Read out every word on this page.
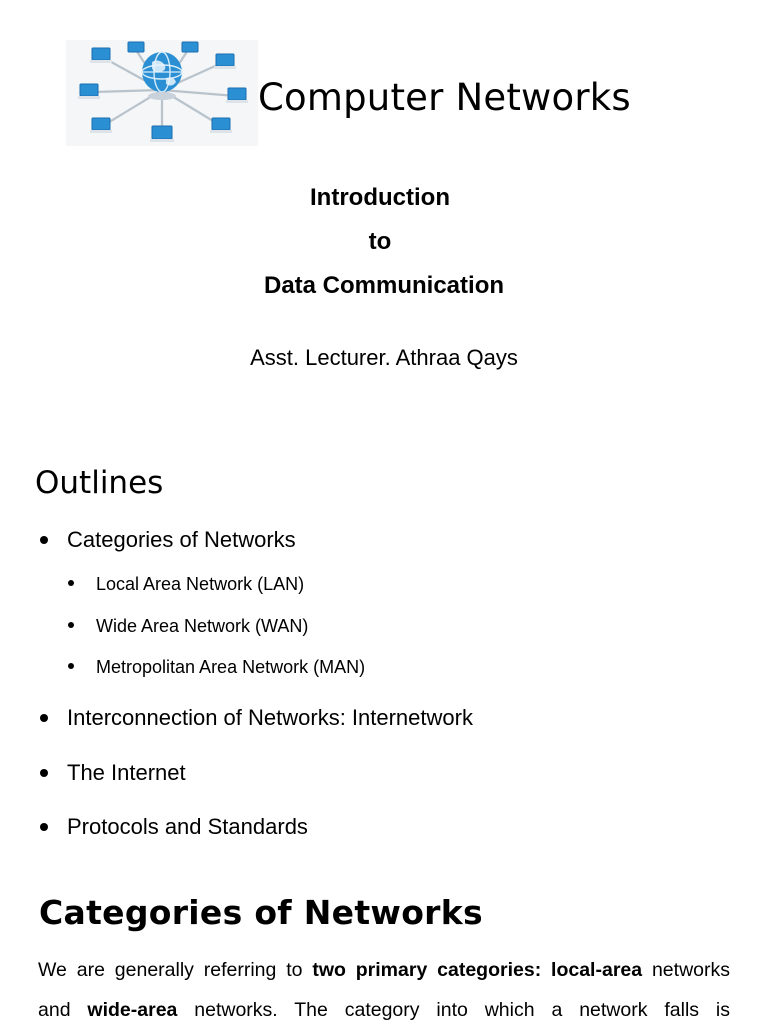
Computer Networks
Introduction
to
Data Communication
Asst. Lecturer. Athraa Qays
Outlines
Categories of Networks
Local Area Network (LAN)
Wide Area Network (WAN)
Metropolitan Area Network (MAN)
Interconnection of Networks: Internetwork
The Internet
Protocols and Standards
Categories of Networks
We are generally referring to two primary categories: local-area networks
and wide-area networks. The category into which a network falls is
